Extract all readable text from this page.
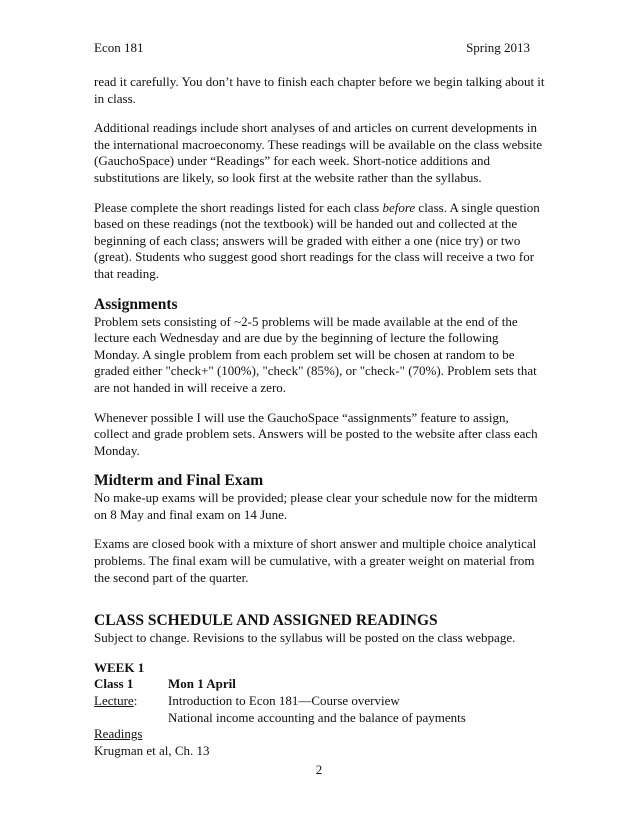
Econ 181	Spring 2013

read it carefully. You don’t have to finish each chapter before we begin talking about it in class.

Additional readings include short analyses of and articles on current developments in the international macroeconomy. These readings will be available on the class website (GauchoSpace) under “Readings” for each week. Short-notice additions and substitutions are likely, so look first at the website rather than the syllabus.

Please complete the short readings listed for each class before class. A single question based on these readings (not the textbook) will be handed out and collected at the beginning of each class; answers will be graded with either a one (nice try) or two (great). Students who suggest good short readings for the class will receive a two for that reading.

Assignments

Problem sets consisting of ~2-5 problems will be made available at the end of the lecture each Wednesday and are due by the beginning of lecture the following Monday. A single problem from each problem set will be chosen at random to be graded either "check+" (100%), "check" (85%), or "check-" (70%). Problem sets that are not handed in will receive a zero.

Whenever possible I will use the GauchoSpace “assignments” feature to assign, collect and grade problem sets. Answers will be posted to the website after class each Monday.

Midterm and Final Exam

No make-up exams will be provided; please clear your schedule now for the midterm on 8 May and final exam on 14 June.

Exams are closed book with a mixture of short answer and multiple choice analytical problems. The final exam will be cumulative, with a greater weight on material from the second part of the quarter.

CLASS SCHEDULE AND ASSIGNED READINGS

Subject to change. Revisions to the syllabus will be posted on the class webpage.

WEEK 1
Class 1	Mon 1 April
Lecture:	Introduction to Econ 181—Course overview
National income accounting and the balance of payments
Readings
Krugman et al, Ch. 13
2
